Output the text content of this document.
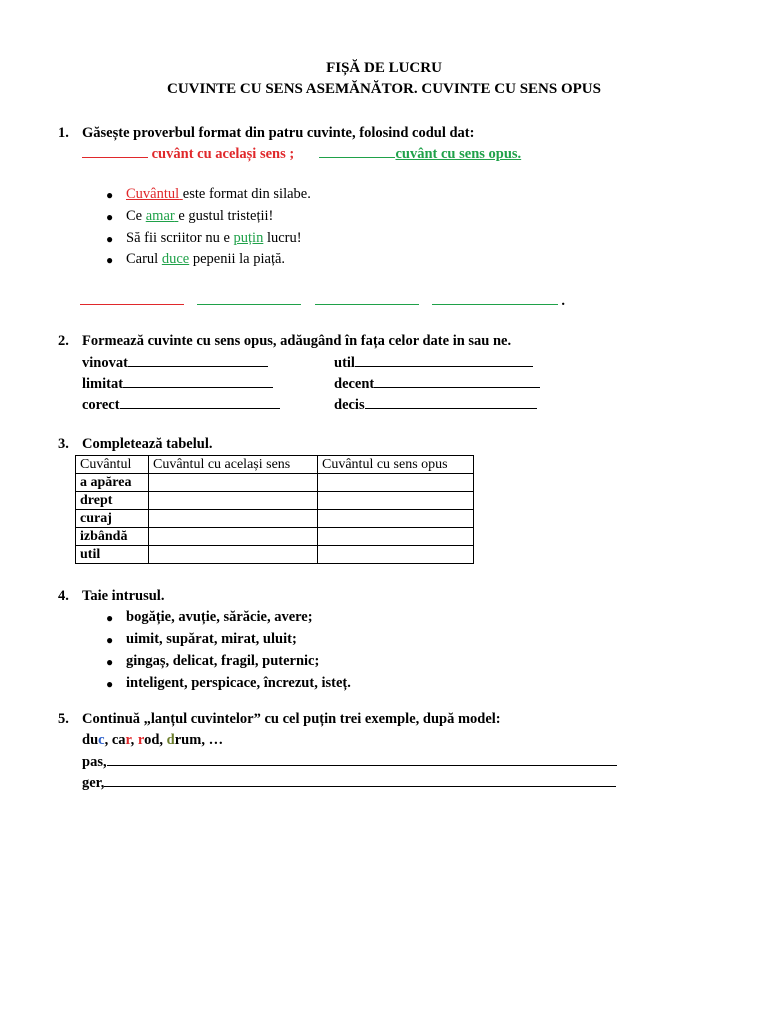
FIȘĂ DE LUCRU
CUVINTE CU SENS ASEMĂNĂTOR. CUVINTE CU SENS OPUS
1. Găsește proverbul format din patru cuvinte, folosind codul dat:
cuvânt cu același sens ;	cuvânt cu sens opus.
● Cuvântul este format din silabe.
● Ce amar e gustul tristeții!
● Să fii scriitor nu e puțin lucru!
● Carul duce pepenii la piață.
.
2. Formează cuvinte cu sens opus, adăugând în fața celor date in sau ne.
vinovat
limitat
corect
util
decent
decis
3. Completează tabelul.
Cuvântul	Cuvântul cu același sens	Cuvântul cu sens opus
a apărea		
drept		
curaj		
izbândă		
util		
4. Taie intrusul.
● bogăție, avuție, sărăcie, avere;
● uimit, supărat, mirat, uluit;
● gingaș, delicat, fragil, puternic;
● inteligent, perspicace, încrezut, isteț.
5. Continuă „lanțul cuvintelor” cu cel puțin trei exemple, după model:
duc, car, rod, drum, …
pas,
ger,
